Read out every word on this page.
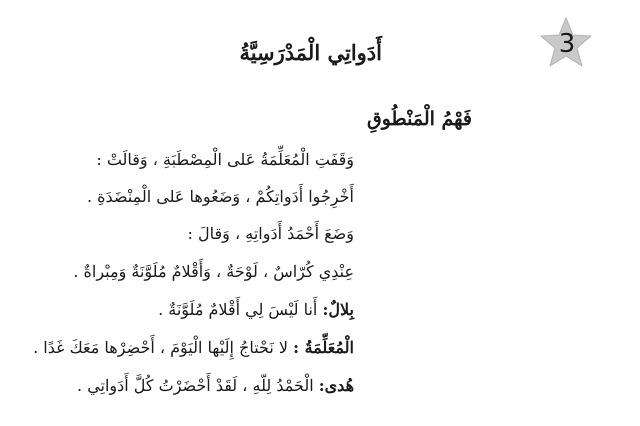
3
أَدَواتِي الْمَدْرَسِيَّةُ
فَهْمُ الْمَنْطُوقِ
وَقَفَتِ الْمُعَلِّمَةُ عَلى الْمِصْطَبَةِ ، وَقالَتْ :
أَخْرِجُوا أَدَواتِكُمْ ، وَضَعُوها عَلى الْمِنْضَدَةِ .
وَضَعَ أَحْمَدُ أَدَواتِهِ ، وَقالَ :
عِنْدِي كُرّاسٌ ، لَوْحَةٌ ، وَأَقْلامٌ مُلَوَّنَةٌ وَمِبْراةٌ .
بِلالٌ: أَنا لَيْسَ لِي أَقْلامٌ مُلَوَّنَةٌ .
الْمُعَلِّمَةُ : لا نَحْتاجُ إِلَيْها الْيَوْمَ ، أَحْضِرْها مَعَكَ غَدًا .
هُدى: الْحَمْدُ لِلّهِ ، لَقَدْ أَحْضَرْتُ كُلَّ أَدَواتِي .
